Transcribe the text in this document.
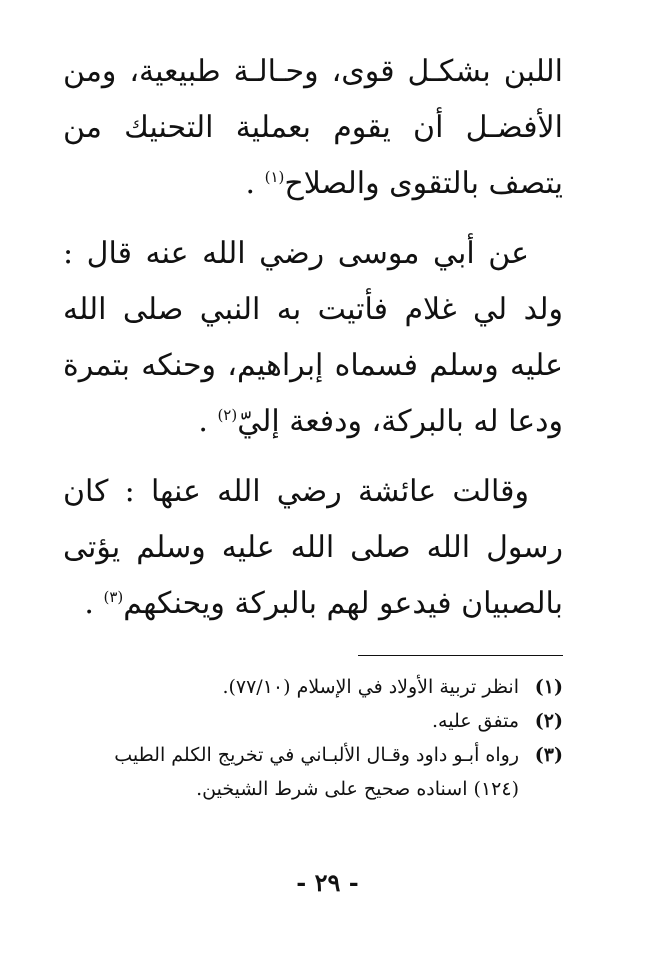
اللبن بشكـل قوى، وحـالـة طبيعية، ومن الأفضـل أن يقوم بعملية التحنيك من يتصف بالتقوى والصلاح$^{(١)}$ .

عن أبي موسى رضي الله عنه قال : ولد لي غلام فأتيت به النبي صلى الله عليه وسلم فسماه إبراهيم، وحنكه بتمرة ودعا له بالبركة، ودفعة إليّ$^{(٢)}$ .

وقالت عائشة رضي الله عنها : كان رسول الله صلى الله عليه وسلم يؤتى بالصبيان فيدعو لهم بالبركة ويحنكهم$^{(٣)}$ .

(١)
انظر تربية الأولاد في الإسلام (٧٧/١٠).
(٢)
متفق عليه.
(٣)
رواه أبـو داود وقـال الألبـاني في تخريج الكلم الطيب (١٢٤) اسناده صحيح على شرط الشيخين.
- ٢٩ -
